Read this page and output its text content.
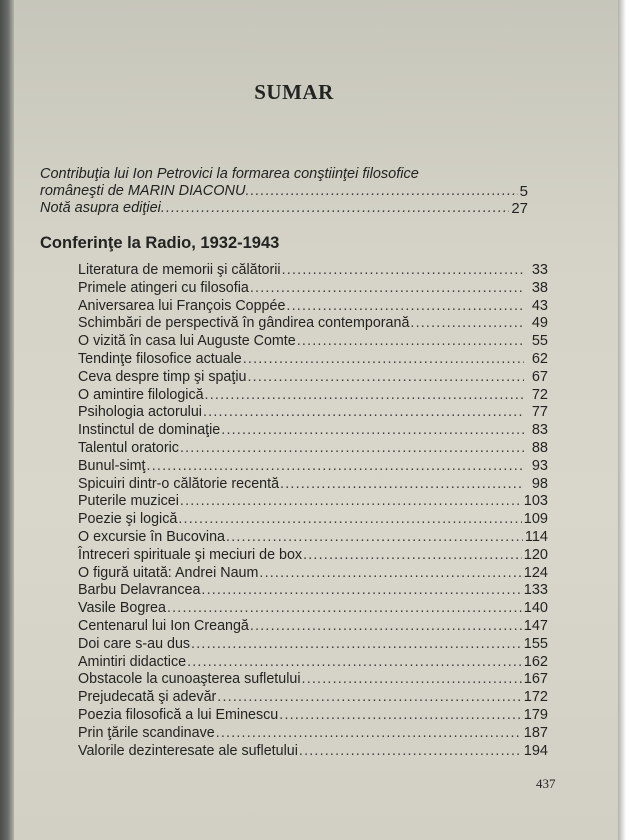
SUMAR
Contribuţia lui Ion Petrovici la formarea conştiinţei filosofice
româneşti de MARIN DIACONU .....	5
Notă asupra ediţiei .....	27
Conferinţe la Radio, 1932-1943
Literatura de memorii şi călătorii .....	33
Primele atingeri cu filosofia .....	38
Aniversarea lui François Coppée .....	43
Schimbări de perspectivă în gândirea contemporană .....	49
O vizită în casa lui Auguste Comte .....	55
Tendinţe filosofice actuale .....	62
Ceva despre timp şi spaţiu .....	67
O amintire filologică .....	72
Psihologia actorului .....	77
Instinctul de dominaţie .....	83
Talentul oratoric .....	88
Bunul-simţ .....	93
Spicuiri dintr-o călătorie recentă .....	98
Puterile muzicei .....	103
Poezie şi logică .....	109
O excursie în Bucovina .....	114
Întreceri spirituale şi meciuri de box .....	120
O figură uitată: Andrei Naum .....	124
Barbu Delavrancea .....	133
Vasile Bogrea .....	140
Centenarul lui Ion Creangă .....	147
Doi care s-au dus .....	155
Amintiri didactice .....	162
Obstacole la cunoaşterea sufletului .....	167
Prejudecată şi adevăr .....	172
Poezia filosofică a lui Eminescu .....	179
Prin ţările scandinave .....	187
Valorile dezinteresate ale sufletului .....	194
437
